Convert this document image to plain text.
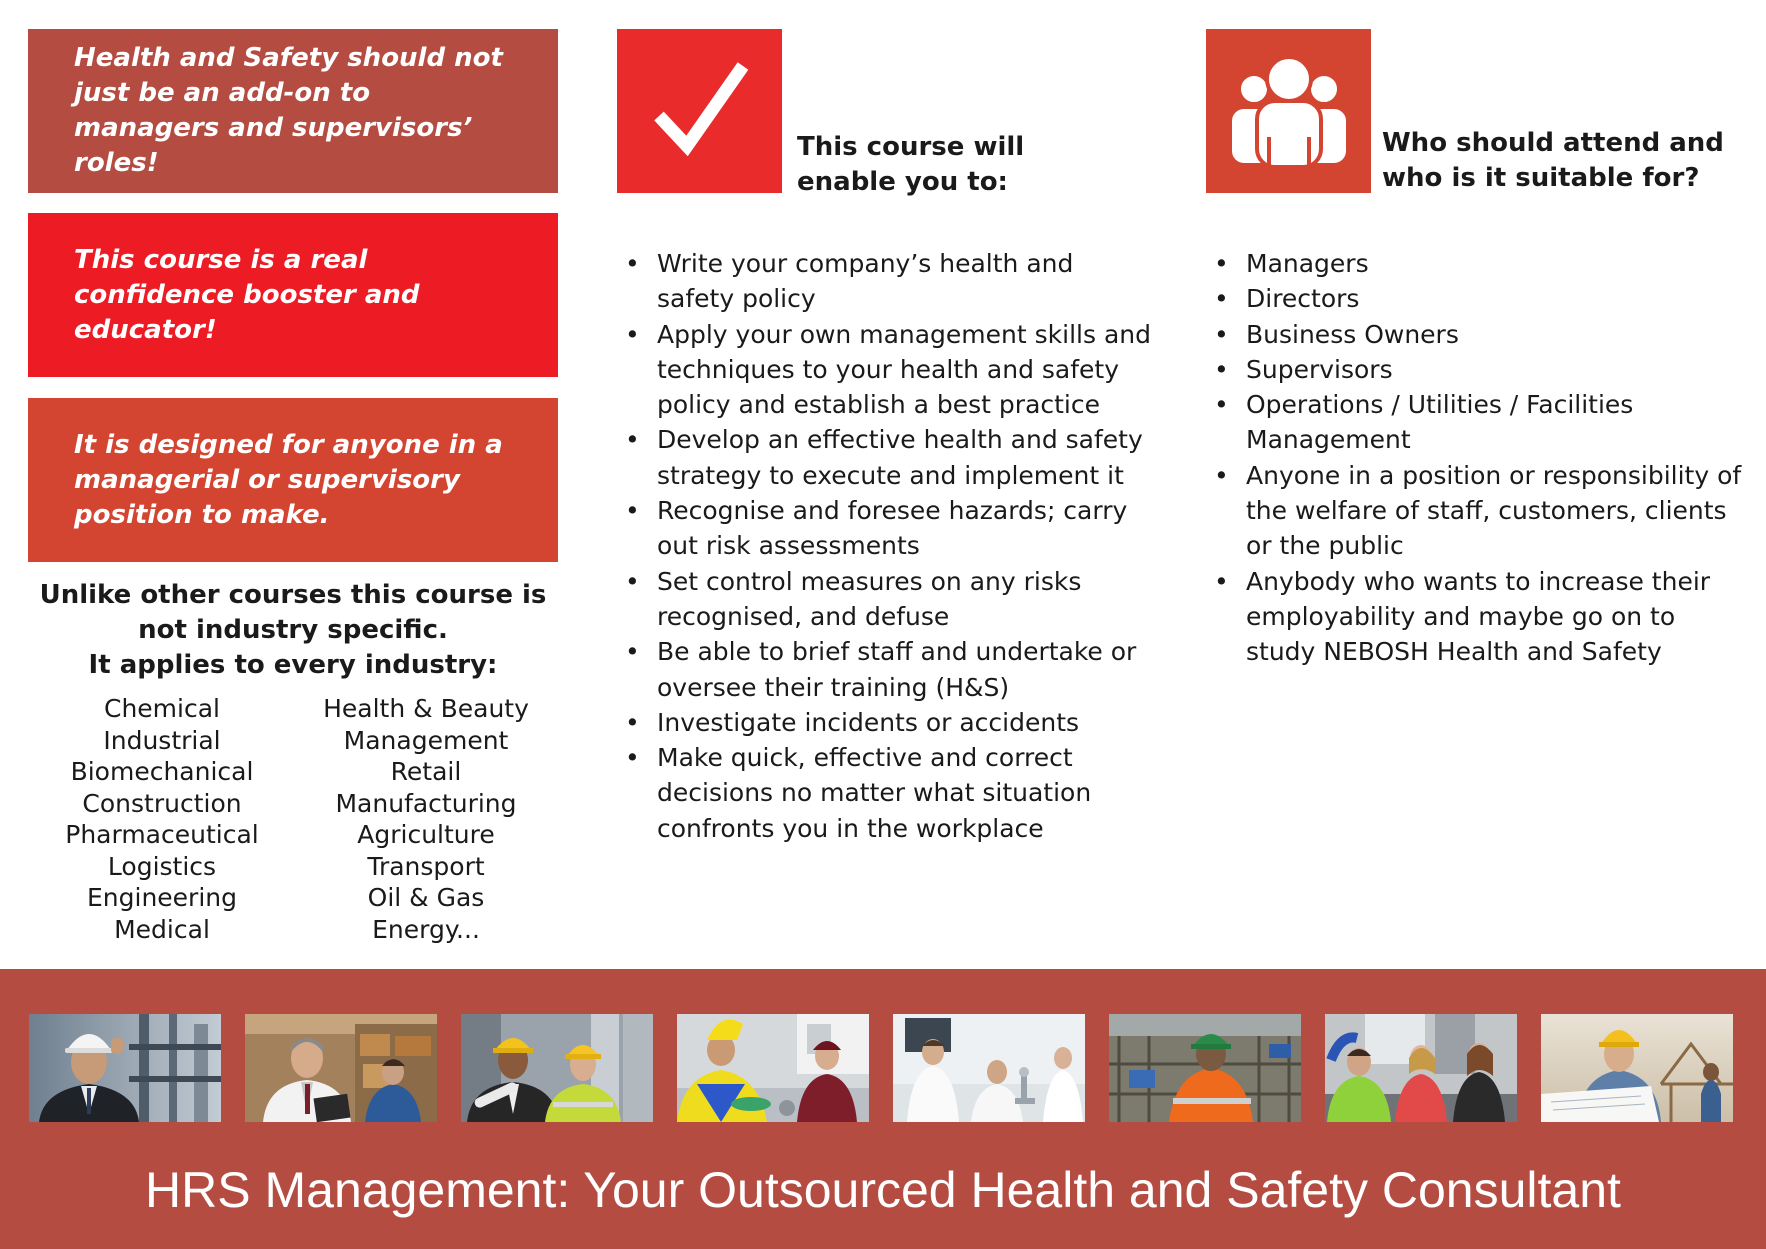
Health and Safety should not just be an add-on to managers and supervisors’ roles!
This course is a real confidence booster and educator!
It is designed for anyone in a managerial or supervisory position to make.
Unlike other courses this course is not industry specific.
It applies to every industry:
Chemical
Industrial
Biomechanical
Construction
Pharmaceutical
Logistics
Engineering
Medical
Health & Beauty
Management
Retail
Manufacturing
Agriculture
Transport
Oil & Gas
Energy...
This course will enable you to:
• Write your company’s health and safety policy
• Apply your own management skills and techniques to your health and safety policy and establish a best practice
• Develop an effective health and safety strategy to execute and implement it
• Recognise and foresee hazards; carry out risk assessments
• Set control measures on any risks recognised, and defuse
• Be able to brief staff and undertake or oversee their training (H&S)
• Investigate incidents or accidents
• Make quick, effective and correct decisions no matter what situation confronts you in the workplace
Who should attend and who is it suitable for?
• Managers
• Directors
• Business Owners
• Supervisors
• Operations / Utilities / Facilities Management
• Anyone in a position or responsibility of the welfare of staff, customers, clients or the public
• Anybody who wants to increase their employability and maybe go on to study NEBOSH Health and Safety
HRS Management: Your Outsourced Health and Safety Consultant
